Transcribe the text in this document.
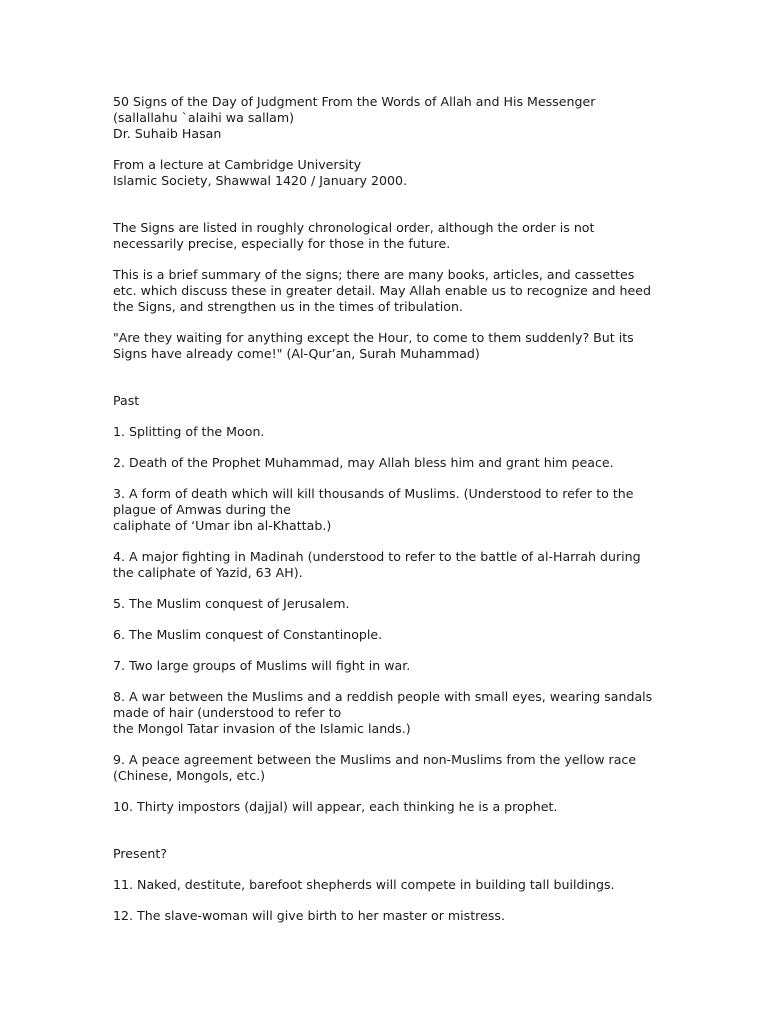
50 Signs of the Day of Judgment From the Words of Allah and His Messenger
(sallallahu `alaihi wa sallam)
Dr. Suhaib Hasan
From a lecture at Cambridge University
Islamic Society, Shawwal 1420 / January 2000.
The Signs are listed in roughly chronological order, although the order is not
necessarily precise, especially for those in the future.
This is a brief summary of the signs; there are many books, articles, and cassettes
etc. which discuss these in greater detail. May Allah enable us to recognize and heed
the Signs, and strengthen us in the times of tribulation.
"Are they waiting for anything except the Hour, to come to them suddenly? But its
Signs have already come!" (Al-Qur’an, Surah Muhammad)
Past
1. Splitting of the Moon.
2. Death of the Prophet Muhammad, may Allah bless him and grant him peace.
3. A form of death which will kill thousands of Muslims. (Understood to refer to the
plague of Amwas during the
caliphate of ‘Umar ibn al-Khattab.)
4. A major fighting in Madinah (understood to refer to the battle of al-Harrah during
the caliphate of Yazid, 63 AH).
5. The Muslim conquest of Jerusalem.
6. The Muslim conquest of Constantinople.
7. Two large groups of Muslims will fight in war.
8. A war between the Muslims and a reddish people with small eyes, wearing sandals
made of hair (understood to refer to
the Mongol Tatar invasion of the Islamic lands.)
9. A peace agreement between the Muslims and non-Muslims from the yellow race
(Chinese, Mongols, etc.)
10. Thirty impostors (dajjal) will appear, each thinking he is a prophet.
Present?
11. Naked, destitute, barefoot shepherds will compete in building tall buildings.
12. The slave-woman will give birth to her master or mistress.
